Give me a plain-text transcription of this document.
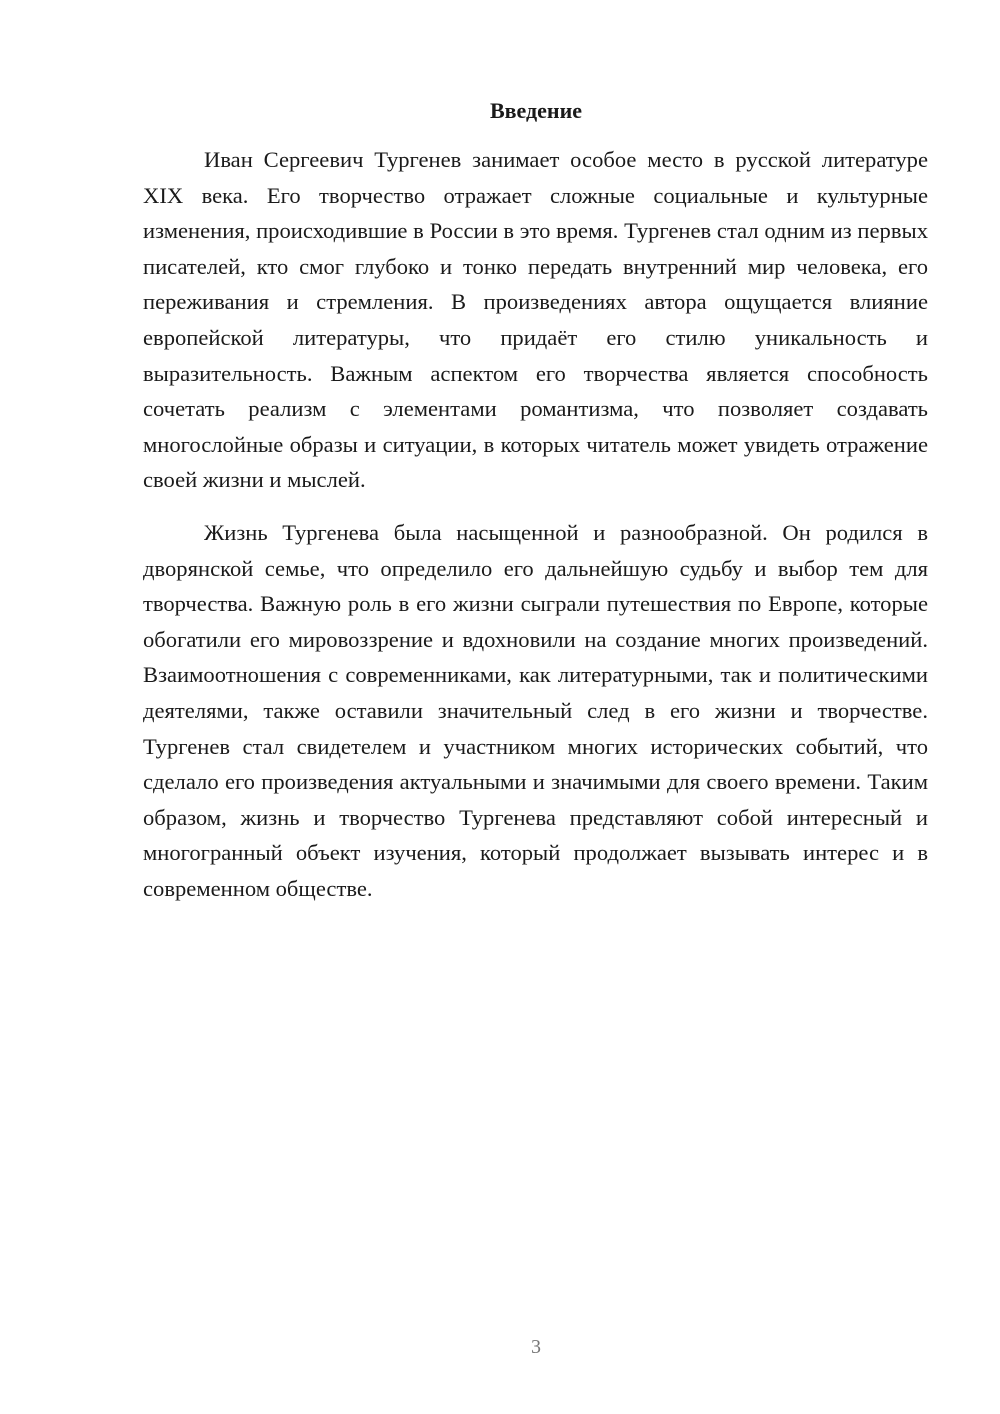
Введение

Иван Сергеевич Тургенев занимает особое место в русской литературе XIX века. Его творчество отражает сложные социальные и культурные изменения, происходившие в России в это время. Тургенев стал одним из первых писателей, кто смог глубоко и тонко передать внутренний мир человека, его переживания и стремления. В произведениях автора ощущается влияние европейской литературы, что придаёт его стилю уникальность и выразительность. Важным аспектом его творчества является способность сочетать реализм с элементами романтизма, что позволяет создавать многослойные образы и ситуации, в которых читатель может увидеть отражение своей жизни и мыслей.

Жизнь Тургенева была насыщенной и разнообразной. Он родился в дворянской семье, что определило его дальнейшую судьбу и выбор тем для творчества. Важную роль в его жизни сыграли путешествия по Европе, которые обогатили его мировоззрение и вдохновили на создание многих произведений. Взаимоотношения с современниками, как литературными, так и политическими деятелями, также оставили значительный след в его жизни и творчестве. Тургенев стал свидетелем и участником многих исторических событий, что сделало его произведения актуальными и значимыми для своего времени. Таким образом, жизнь и творчество Тургенева представляют собой интересный и многогранный объект изучения, который продолжает вызывать интерес и в современном обществе.

3
